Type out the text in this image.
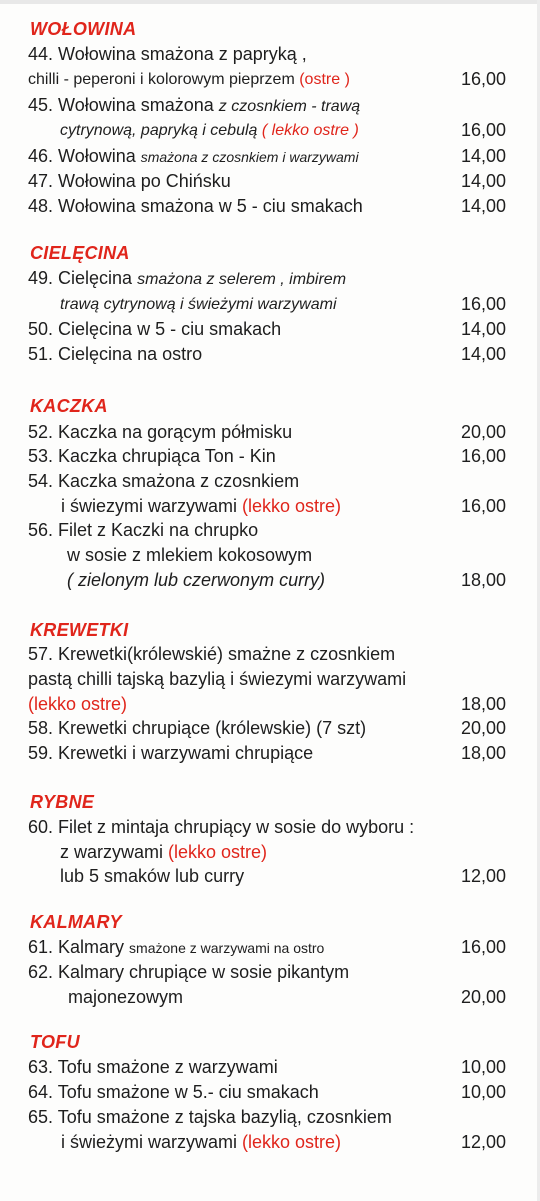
WOŁOWINA
44. Wołowina smażona z papryką ,
chilli - peperoni i kolorowym pieprzem (ostre )	16,00
45. Wołowina smażona z czosnkiem - trawą
cytrynową, papryką i cebulą ( lekko ostre )	16,00
46. Wołowina smażona z czosnkiem i warzywami	14,00
47. Wołowina po Chińsku	14,00
48. Wołowina smażona w 5 - ciu smakach	14,00
CIELĘCINA
49. Cielęcina smażona z selerem , imbirem
trawą cytrynową i świeżymi warzywami	16,00
50. Cielęcina w 5 - ciu smakach	14,00
51. Cielęcina na ostro	14,00
KACZKA
52. Kaczka na gorącym półmisku	20,00
53. Kaczka chrupiąca Ton - Kin	16,00
54. Kaczka smażona z czosnkiem
i świezymi warzywami (lekko ostre)	16,00
56. Filet z Kaczki na chrupko
w sosie z mlekiem kokosowym
( zielonym lub czerwonym curry)	18,00
KREWETKI
57. Krewetki(królewskié) smażne z czosnkiem
pastą chilli tajską bazylią i świezymi warzywami
(lekko ostre)	18,00
58. Krewetki chrupiące (królewskie) (7 szt)	20,00
59. Krewetki i warzywami chrupiące	18,00
RYBNE
60. Filet z mintaja chrupiący w sosie do wyboru :
z warzywami (lekko ostre)
lub 5 smaków lub curry	12,00
KALMARY
61. Kalmary smażone z warzywami na ostro	16,00
62. Kalmary chrupiące w sosie pikantym
majonezowym	20,00
TOFU
63. Tofu smażone z warzywami	10,00
64. Tofu smażone w 5.- ciu smakach	10,00
65. Tofu smażone z tajska bazylią, czosnkiem
i świeżymi warzywami (lekko ostre)	12,00
